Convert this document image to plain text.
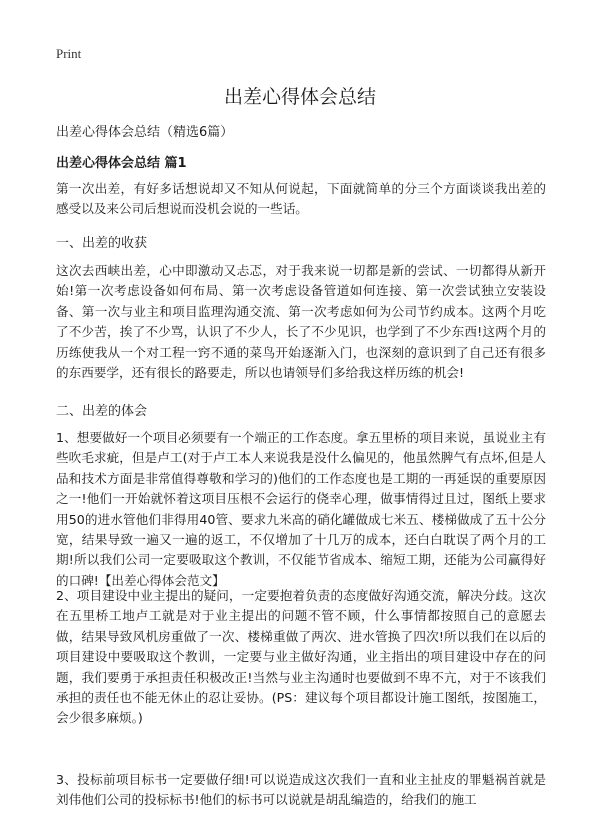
Print
出差心得体会总结
出差心得体会总结（精选6篇）
出差心得体会总结 篇1

第一次出差，有好多话想说却又不知从何说起，下面就简单的分三个方面谈谈我出差的感受以及来公司后想说而没机会说的一些话。

一、出差的收获

这次去西峡出差，心中即激动又忐忑，对于我来说一切都是新的尝试、一切都得从新开始!第一次考虑设备如何布局、第一次考虑设备管道如何连接、第一次尝试独立安装设备、第一次与业主和项目监理沟通交流、第一次考虑如何为公司节约成本。这两个月吃了不少苦，挨了不少骂，认识了不少人，长了不少见识，也学到了不少东西!这两个月的历练使我从一个对工程一窍不通的菜鸟开始逐渐入门，也深刻的意识到了自己还有很多的东西要学，还有很长的路要走，所以也请领导们多给我这样历练的机会!

二、出差的体会

1、想要做好一个项目必须要有一个端正的工作态度。拿五里桥的项目来说，虽说业主有些吹毛求疵，但是卢工(对于卢工本人来说我是没什么偏见的，他虽然脾气有点坏,但是人品和技术方面是非常值得尊敬和学习的)他们的工作态度也是工期的一再延误的重要原因之一!他们一开始就怀着这项目压根不会运行的侥幸心理，做事情得过且过，图纸上要求用50的进水管他们非得用40管、要求九米高的硝化罐做成七米五、楼梯做成了五十公分宽，结果导致一遍又一遍的返工，不仅增加了十几万的成本，还白白耽误了两个月的工期!所以我们公司一定要吸取这个教训，不仅能节省成本、缩短工期，还能为公司赢得好的口碑!【出差心得体会范文】

2、项目建设中业主提出的疑问，一定要抱着负责的态度做好沟通交流，解决分歧。这次在五里桥工地卢工就是对于业主提出的问题不管不顾，什么事情都按照自己的意愿去做，结果导致风机房重做了一次、楼梯重做了两次、进水管换了四次!所以我们在以后的项目建设中要吸取这个教训，一定要与业主做好沟通，业主指出的项目建设中存在的问题，我们要勇于承担责任积极改正!当然与业主沟通时也要做到不卑不亢，对于不该我们承担的责任也不能无休止的忍让妥协。(PS：建议每个项目都设计施工图纸，按图施工，会少很多麻烦。)

3、投标前项目标书一定要做仔细!可以说造成这次我们一直和业主扯皮的罪魁祸首就是刘伟他们公司的投标标书!他们的标书可以说就是胡乱编造的，给我们的施工
